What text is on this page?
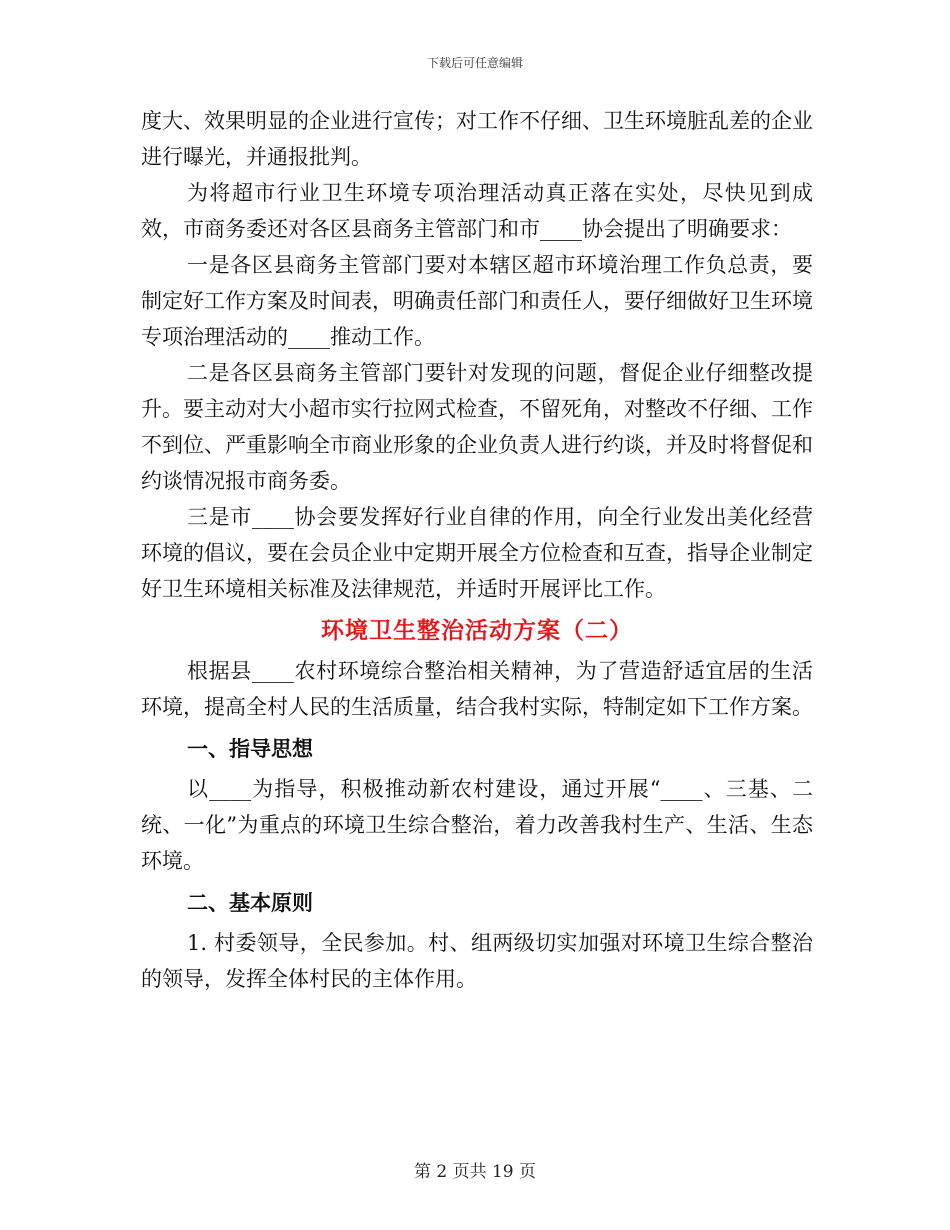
下载后可任意编辑

度大、效果明显的企业进行宣传；对工作不仔细、卫生环境脏乱差的企业进行曝光，并通报批判。

为将超市行业卫生环境专项治理活动真正落在实处，尽快见到成效，市商务委还对各区县商务主管部门和市____协会提出了明确要求：

一是各区县商务主管部门要对本辖区超市环境治理工作负总责，要制定好工作方案及时间表，明确责任部门和责任人，要仔细做好卫生环境专项治理活动的____推动工作。

二是各区县商务主管部门要针对发现的问题，督促企业仔细整改提升。要主动对大小超市实行拉网式检查，不留死角，对整改不仔细、工作不到位、严重影响全市商业形象的企业负责人进行约谈，并及时将督促和约谈情况报市商务委。

三是市____协会要发挥好行业自律的作用，向全行业发出美化经营环境的倡议，要在会员企业中定期开展全方位检查和互查，指导企业制定好卫生环境相关标准及法律规范，并适时开展评比工作。

环境卫生整治活动方案（二）

根据县____农村环境综合整治相关精神，为了营造舒适宜居的生活环境，提高全村人民的生活质量，结合我村实际，特制定如下工作方案。

一、指导思想

以____为指导，积极推动新农村建设，通过开展“____、三基、二统、一化”为重点的环境卫生综合整治，着力改善我村生产、生活、生态环境。

二、基本原则

1. 村委领导，全民参加。村、组两级切实加强对环境卫生综合整治的领导，发挥全体村民的主体作用。

第 2 页共 19 页
